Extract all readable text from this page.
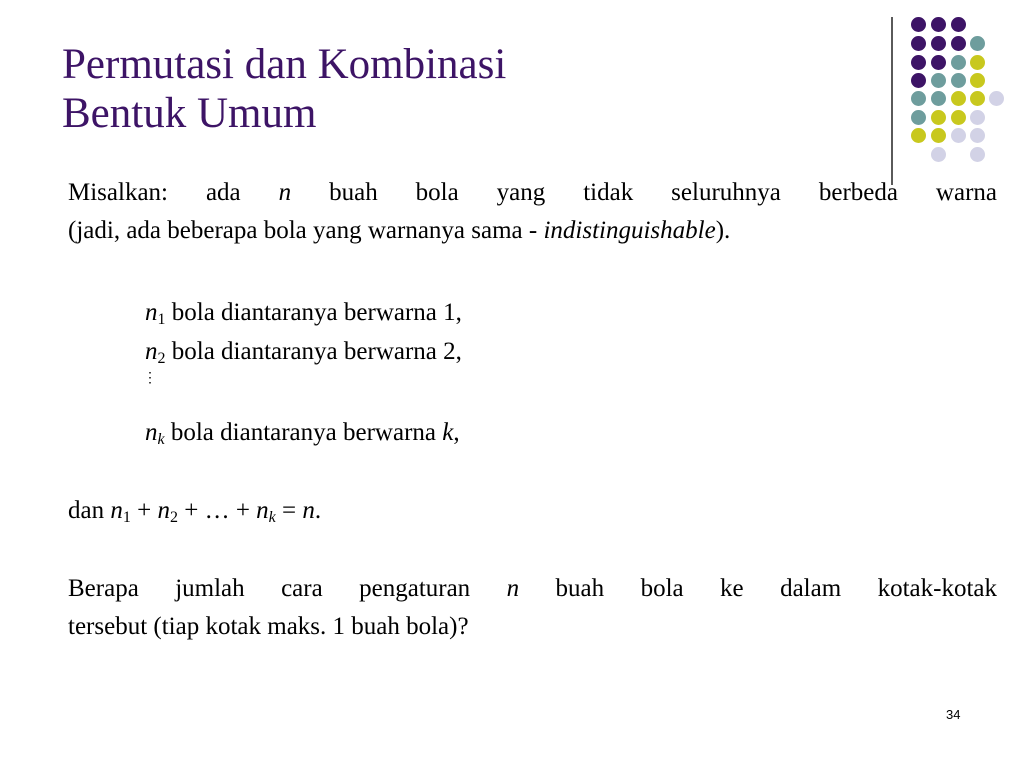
Permutasi dan Kombinasi
Bentuk Umum
Misalkan: ada n buah bola yang tidak seluruhnya berbeda warna
(jadi, ada beberapa bola yang warnanya sama - indistinguishable).
$n_1$ bola diantaranya berwarna 1,
$n_2$ bola diantaranya berwarna 2,
⋮
$n_k$ bola diantaranya berwarna k,
dan $n_1 + n_2$ + … + $n_k = n$.
Berapa jumlah cara pengaturan n buah bola ke dalam kotak-kotak
tersebut (tiap kotak maks. 1 buah bola)?
34
